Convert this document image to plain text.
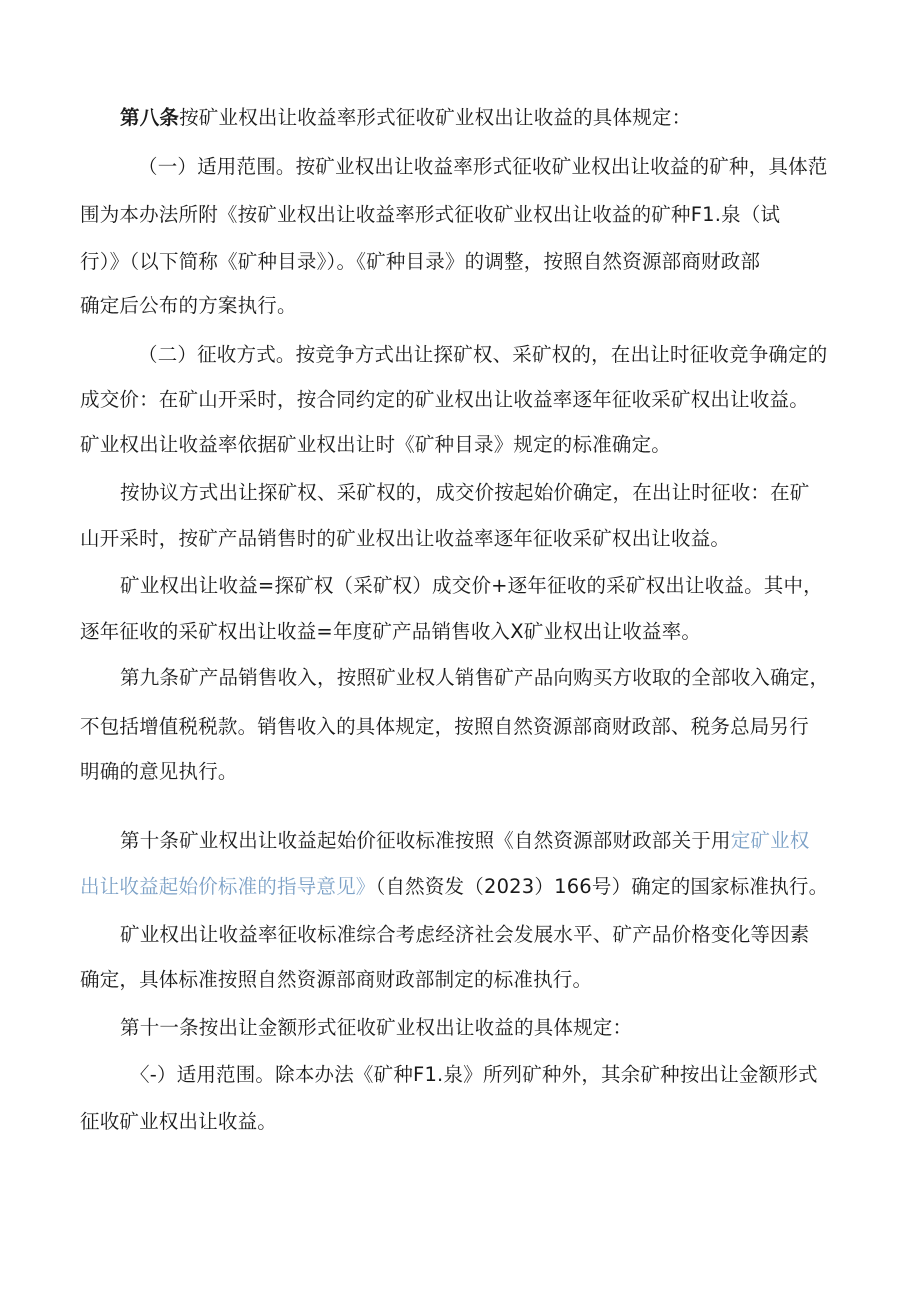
第八条按矿业权出让收益率形式征收矿业权出让收益的具体规定：
（一）适用范围。按矿业权出让收益率形式征收矿业权出让收益的矿种，具体范
围为本办法所附《按矿业权出让收益率形式征收矿业权出让收益的矿种F1.泉（试
行）》（以下简称《矿种目录》）。《矿种目录》的调整，按照自然资源部商财政部
确定后公布的方案执行。
（二）征收方式。按竞争方式出让探矿权、采矿权的，在出让时征收竞争确定的
成交价：在矿山开采时，按合同约定的矿业权出让收益率逐年征收采矿权出让收益。
矿业权出让收益率依据矿业权出让时《矿种目录》规定的标准确定。
按协议方式出让探矿权、采矿权的，成交价按起始价确定，在出让时征收：在矿
山开采时，按矿产品销售时的矿业权出让收益率逐年征收采矿权出让收益。
矿业权出让收益=探矿权（采矿权）成交价+逐年征收的采矿权出让收益。其中，
逐年征收的采矿权出让收益=年度矿产品销售收入X矿业权出让收益率。
第九条矿产品销售收入，按照矿业权人销售矿产品向购买方收取的全部收入确定，
不包括增值税税款。销售收入的具体规定，按照自然资源部商财政部、税务总局另行
明确的意见执行。
第十条矿业权出让收益起始价征收标准按照《自然资源部财政部关于用定矿业权
出让收益起始价标准的指导意见》（自然资发（2023）166号）确定的国家标准执行。
矿业权出让收益率征收标准综合考虑经济社会发展水平、矿产品价格变化等因素
确定，具体标准按照自然资源部商财政部制定的标准执行。
第十一条按出让金额形式征收矿业权出让收益的具体规定：
〈-）适用范围。除本办法《矿种F1.泉》所列矿种外，其余矿种按出让金额形式
征收矿业权出让收益。
